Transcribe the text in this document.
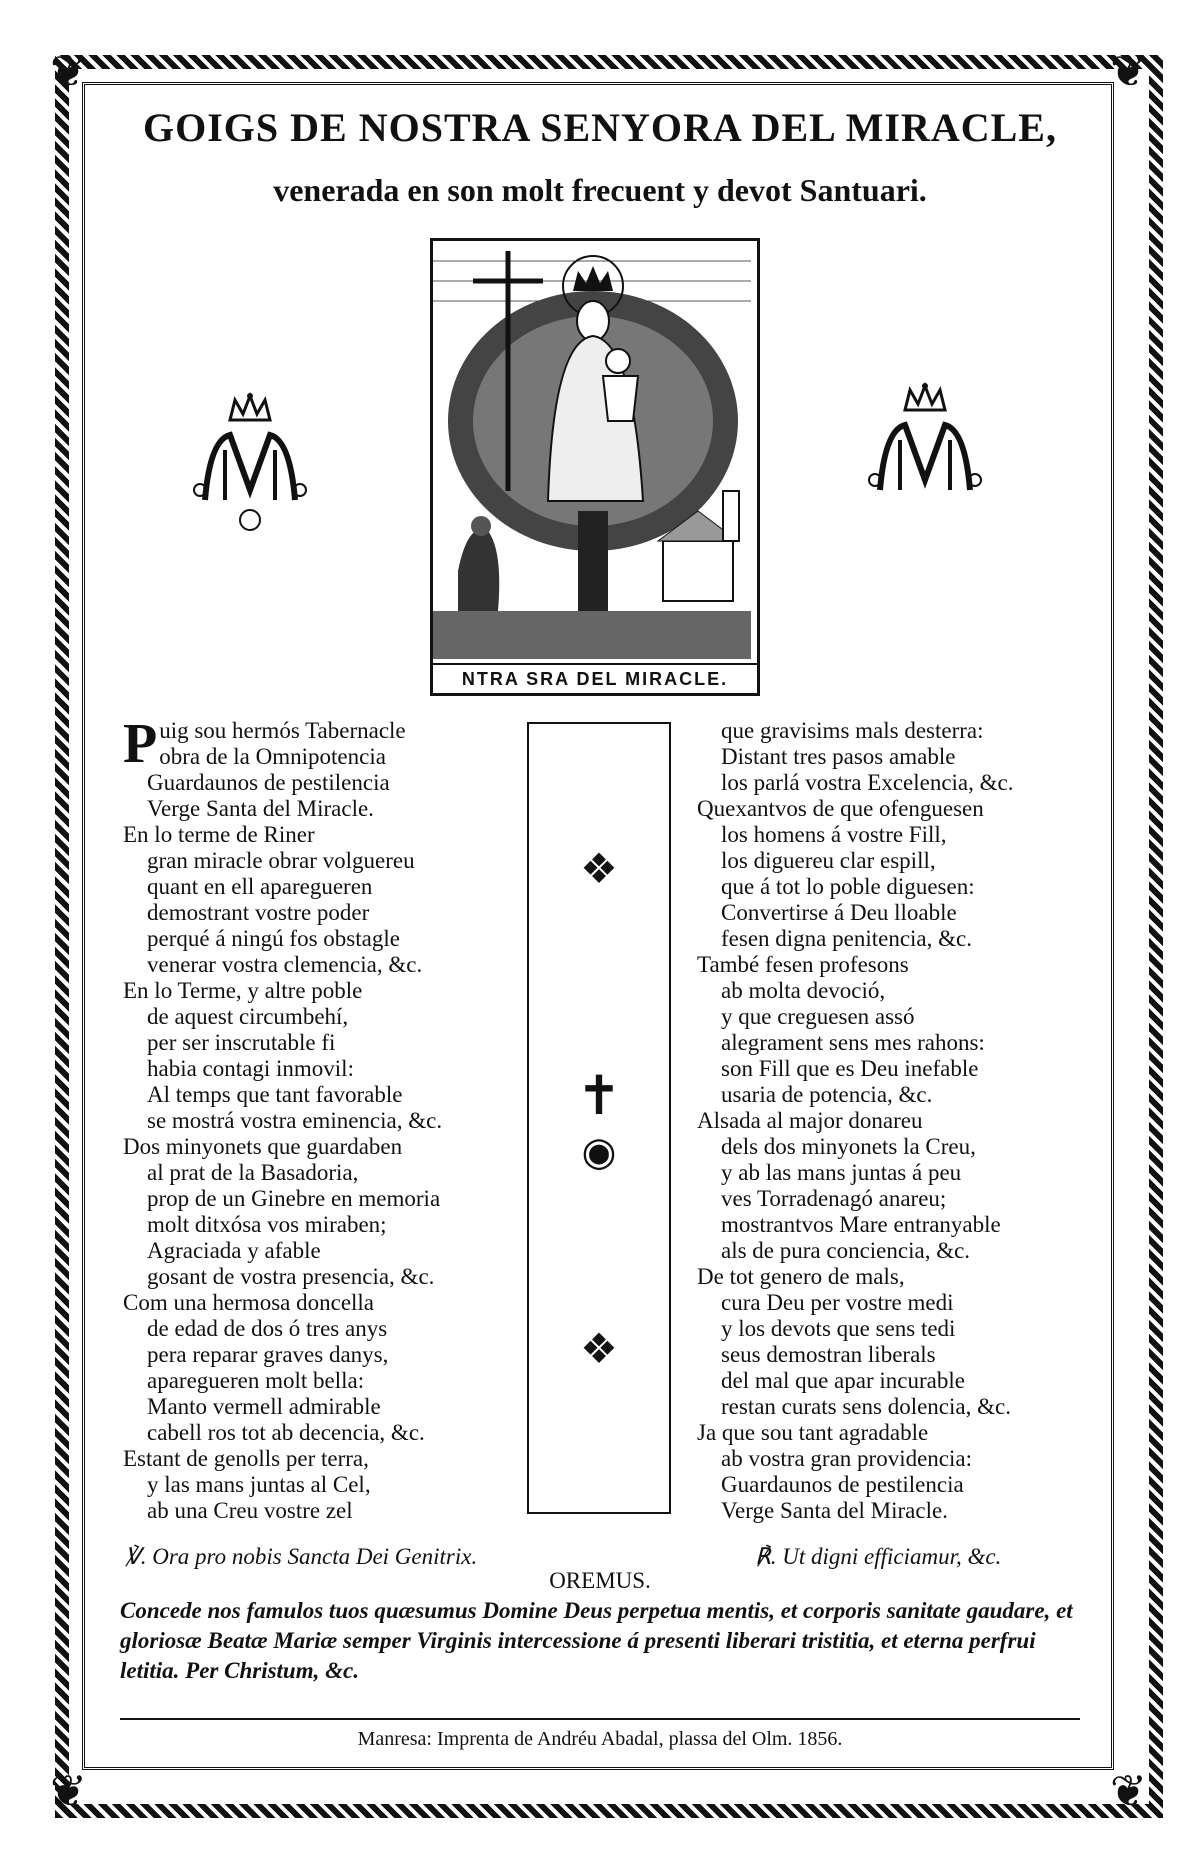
❦	❦
❦	❦
GOIGS DE NOSTRA SENYORA DEL MIRACLE,
venerada en son molt frecuent y devot Santuari.
NTRA SRA DEL MIRACLE.
P uig sou hermós Tabernacle
obra de la Omnipotencia
Guardaunos de pestilencia
Verge Santa del Miracle.
En lo terme de Riner
gran miracle obrar volguereu
quant en ell aparegueren
demostrant vostre poder
perqué á ningú fos obstagle
venerar vostra clemencia, &c.
En lo Terme, y altre poble
de aquest circumbehí,
per ser inscrutable fi
habia contagi inmovil:
Al temps que tant favorable
se mostrá vostra eminencia, &c.
Dos minyonets que guardaben
al prat de la Basadoria,
prop de un Ginebre en memoria
molt ditxósa vos miraben;
Agraciada y afable
gosant de vostra presencia, &c.
Com una hermosa doncella
de edad de dos ó tres anys
pera reparar graves danys,
aparegueren molt bella:
Manto vermell admirable
cabell ros tot ab decencia, &c.
Estant de genolls per terra,
y las mans juntas al Cel,
ab una Creu vostre zel
❖
✝
◉
❖
que gravisims mals desterra:
Distant tres pasos amable
los parlá vostra Excelencia, &c.
Quexantvos de que ofenguesen
los homens á vostre Fill,
los diguereu clar espill,
que á tot lo poble diguesen:
Convertirse á Deu lloable
fesen digna penitencia, &c.
També fesen profesons
ab molta devoció,
y que creguesen assó
alegrament sens mes rahons:
son Fill que es Deu inefable
usaria de potencia, &c.
Alsada al major donareu
dels dos minyonets la Creu,
y ab las mans juntas á peu
ves Torradenagó anareu;
mostrantvos Mare entranyable
als de pura conciencia, &c.
De tot genero de mals,
cura Deu per vostre medi
y los devots que sens tedi
seus demostran liberals
del mal que apar incurable
restan curats sens dolencia, &c.
Ja que sou tant agradable
ab vostra gran providencia:
Guardaunos de pestilencia
Verge Santa del Miracle.
℣. Ora pro nobis Sancta Dei Genitrix.	℟. Ut digni efficiamur, &c.
OREMUS.
Concede nos famulos tuos quæsumus Domine Deus perpetua mentis, et corporis sanitate gaudare, et gloriosæ Beatæ Mariæ semper Virginis intercessione á presenti liberari tristitia, et eterna perfrui letitia. Per Christum, &c.
Manresa: Imprenta de Andréu Abadal, plassa del Olm. 1856.
